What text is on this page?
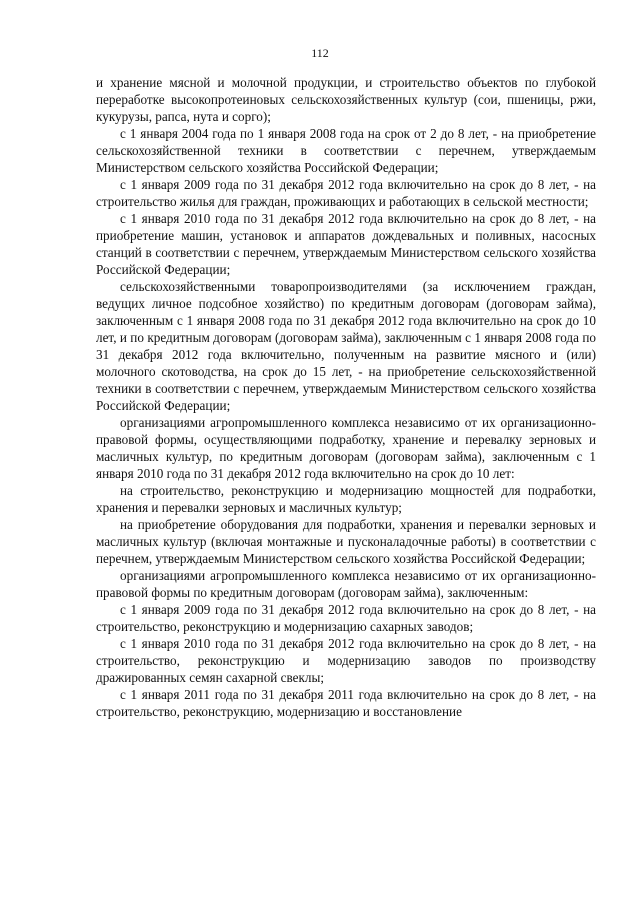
112

и хранение мясной и молочной продукции, и строительство объектов по глубокой переработке высокопротеиновых сельскохозяйственных культур (сои, пшеницы, ржи, кукурузы, рапса, нута и сорго);

с 1 января 2004 года по 1 января 2008 года на срок от 2 до 8 лет, - на приобретение сельскохозяйственной техники в соответствии с перечнем, утверждаемым Министерством сельского хозяйства Российской Федерации;

с 1 января 2009 года по 31 декабря 2012 года включительно на срок до 8 лет, - на строительство жилья для граждан, проживающих и работающих в сельской местности;

с 1 января 2010 года по 31 декабря 2012 года включительно на срок до 8 лет, - на приобретение машин, установок и аппаратов дождевальных и поливных, насосных станций в соответствии с перечнем, утверждаемым Министерством сельского хозяйства Российской Федерации;

сельскохозяйственными товаропроизводителями (за исключением граждан, ведущих личное подсобное хозяйство) по кредитным договорам (договорам займа), заключенным с 1 января 2008 года по 31 декабря 2012 года включительно на срок до 10 лет, и по кредитным договорам (договорам займа), заключенным с 1 января 2008 года по 31 декабря 2012 года включительно, полученным на развитие мясного и (или) молочного скотоводства, на срок до 15 лет, - на приобретение сельскохозяйственной техники в соответствии с перечнем, утверждаемым Министерством сельского хозяйства Российской Федерации;

организациями агропромышленного комплекса независимо от их организационно-правовой формы, осуществляющими подработку, хранение и перевалку зерновых и масличных культур, по кредитным договорам (договорам займа), заключенным с 1 января 2010 года по 31 декабря 2012 года включительно на срок до 10 лет:

на строительство, реконструкцию и модернизацию мощностей для подработки, хранения и перевалки зерновых и масличных культур;

на приобретение оборудования для подработки, хранения и перевалки зерновых и масличных культур (включая монтажные и пусконаладочные работы) в соответствии с перечнем, утверждаемым Министерством сельского хозяйства Российской Федерации;

организациями агропромышленного комплекса независимо от их организационно-правовой формы по кредитным договорам (договорам займа), заключенным:

с 1 января 2009 года по 31 декабря 2012 года включительно на срок до 8 лет, - на строительство, реконструкцию и модернизацию сахарных заводов;

с 1 января 2010 года по 31 декабря 2012 года включительно на срок до 8 лет, - на строительство, реконструкцию и модернизацию заводов по производству дражированных семян сахарной свеклы;

с 1 января 2011 года по 31 декабря 2011 года включительно на срок до 8 лет, - на строительство, реконструкцию, модернизацию и восстановление
